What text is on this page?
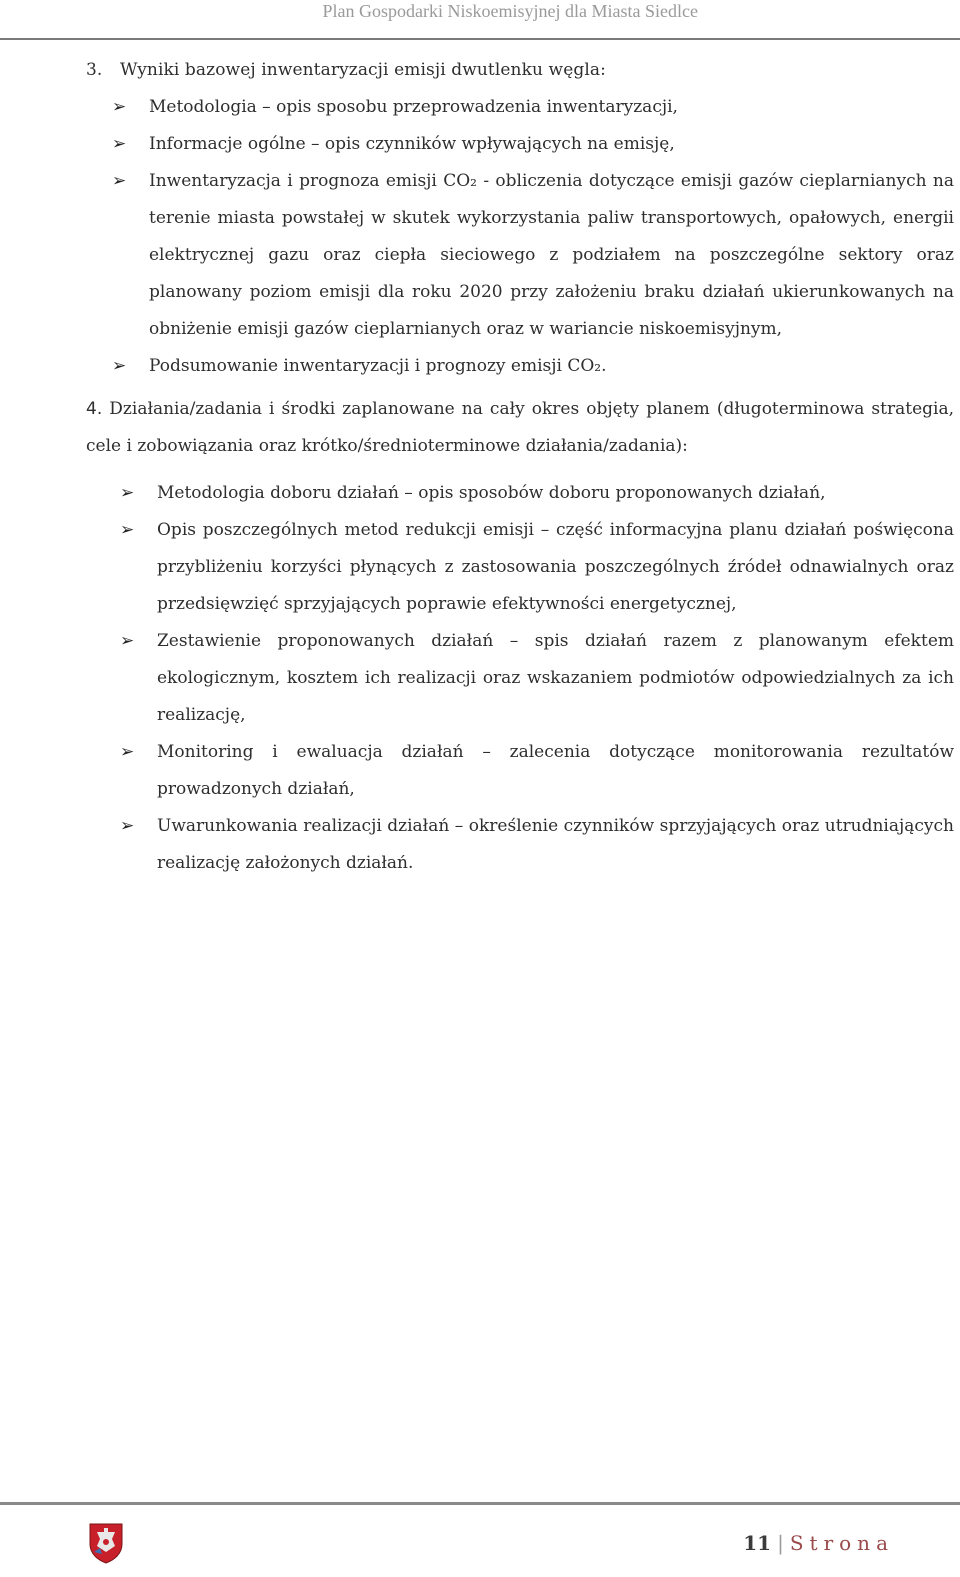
Plan Gospodarki Niskoemisyjnej dla Miasta Siedlce

3. Wyniki bazowej inwentaryzacji emisji dwutlenku węgla:

➢ Metodologia – opis sposobu przeprowadzenia inwentaryzacji,
➢ Informacje ogólne – opis czynników wpływających na emisję,
➢ Inwentaryzacja i prognoza emisji CO₂ - obliczenia dotyczące emisji gazów cieplarnianych na terenie miasta powstałej w skutek wykorzystania paliw transportowych, opałowych, energii elektrycznej gazu oraz ciepła sieciowego z podziałem na poszczególne sektory oraz planowany poziom emisji dla roku 2020 przy założeniu braku działań ukierunkowanych na obniżenie emisji gazów cieplarnianych oraz w wariancie niskoemisyjnym,
➢ Podsumowanie inwentaryzacji i prognozy emisji CO₂.

4. Działania/zadania i środki zaplanowane na cały okres objęty planem (długoterminowa strategia, cele i zobowiązania oraz krótko/średnioterminowe działania/zadania):

➢ Metodologia doboru działań – opis sposobów doboru proponowanych działań,
➢ Opis poszczególnych metod redukcji emisji – część informacyjna planu działań poświęcona przybliżeniu korzyści płynących z zastosowania poszczególnych źródeł odnawialnych oraz przedsięwzięć sprzyjających poprawie efektywności energetycznej,
➢ Zestawienie proponowanych działań – spis działań razem z planowanym efektem ekologicznym, kosztem ich realizacji oraz wskazaniem podmiotów odpowiedzialnych za ich realizację,
➢ Monitoring i ewaluacja działań – zalecenia dotyczące monitorowania rezultatów prowadzonych działań,
➢ Uwarunkowania realizacji działań – określenie czynników sprzyjających oraz utrudniających realizację założonych działań.
11 | Strona
